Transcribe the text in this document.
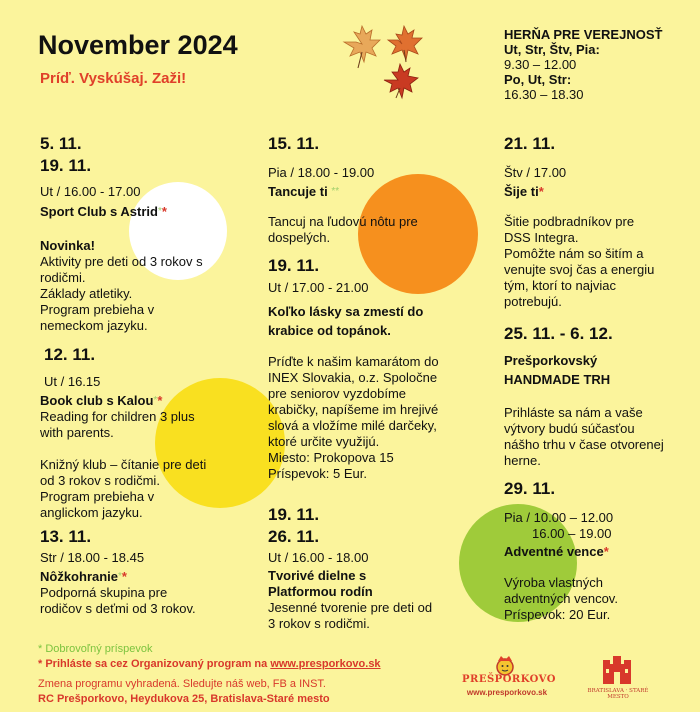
November 2024
Príď. Vyskúšaj. Zaži!
HERŇA PRE VEREJNOSŤ
Ut, Str, Štv, Pia:
9.30 – 12.00
Po, Ut, Str:
16.30 – 18.30
5. 11.
19. 11.
Ut / 16.00 - 17.00
Sport Club s Astrid**
Novinka!
Aktivity pre deti od 3 rokov s
rodičmi.
Základy atletiky.
Program prebieha v
nemeckom jazyku.
12. 11.
Ut / 16.15
Book club s Kalou**
Reading for children 3 plus
with parents.
Knižný klub – čítanie pre deti
od 3 rokov s rodičmi.
Program prebieha v
anglickom jazyku.
13. 11.
Str / 18.00 - 18.45
Nôžkohranie**
Podporná skupina pre
rodičov s deťmi od 3 rokov.
15. 11.
Pia / 18.00 - 19.00
Tancuje ti **
Tancuj na ľudovú nôtu pre
dospelých.
19. 11.
Ut / 17.00 - 21.00
Koľko lásky sa zmestí do
krabice od topánok.
Príďte k našim kamarátom do
INEX Slovakia, o.z. Spoločne
pre seniorov vyzdobíme
krabičky, napíšeme im hrejivé
slová a vložíme milé darčeky,
ktoré určite využijú.
Miesto: Prokopova 15
Príspevok: 5 Eur.
19. 11.
26. 11.
Ut / 16.00 - 18.00
Tvorivé dielne s
Platformou rodín
Jesenné tvorenie pre deti od
3 rokov s rodičmi.
21. 11.
Štv / 17.00
Šije ti*
Šitie podbradníkov pre
DSS Integra.
Pomôžte nám so šitím a
venujte svoj čas a energiu
tým, ktorí to najviac
potrebujú.
25. 11. - 6. 12.
Prešporkovský
HANDMADE TRH
Prihláste sa nám a vaše
výtvory budú súčasťou
nášho trhu v čase otvorenej
herne.
29. 11.
Pia / 10.00 – 12.00
16.00 – 19.00
Adventné vence*
Výroba vlastných
adventných vencov.
Príspevok: 20 Eur.
* Dobrovoľný príspevok
* Prihláste sa cez Organizovaný program na www.presporkovo.sk
Zmena programu vyhradená. Sledujte náš web, FB a INST.
RC Prešporkovo, Heydukova 25, Bratislava-Staré mesto
PREŠPORKOVO
www.presporkovo.sk	BRATISLAVA · STARÉ MESTO
